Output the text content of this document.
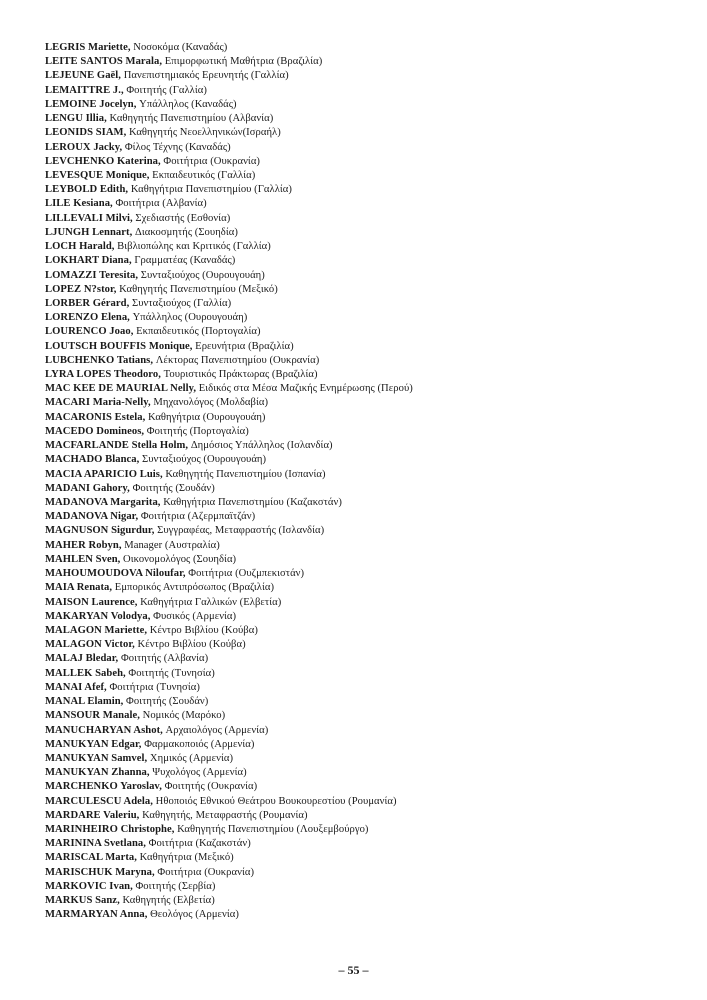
LEGRIS Mariette, Νοσοκόμα (Καναδάς)
LEITE SANTOS Marala, Επιμορφωτική Μαθήτρια (Βραζιλία)
LEJEUNE Gaël, Πανεπιστημιακός Ερευνητής (Γαλλία)
LEMAITTRE J., Φοιτητής (Γαλλία)
LEMOINE Jocelyn, Υπάλληλος (Καναδάς)
LENGU Illia, Καθηγητής Πανεπιστημίου (Αλβανία)
LEONIDS SIAM, Καθηγητής Νεοελληνικών(Ισραήλ)
LEROUX Jacky, Φίλος Τέχνης (Καναδάς)
LEVCHENKO Katerina, Φοιτήτρια (Ουκρανία)
LEVESQUE Monique, Εκπαιδευτικός (Γαλλία)
LEYBOLD Edith, Καθηγήτρια Πανεπιστημίου (Γαλλία)
LILE Kesiana, Φοιτήτρια (Αλβανία)
LILLEVALI Milvi, Σχεδιαστής (Εσθονία)
LJUNGH Lennart, Διακοσμητής (Σουηδία)
LOCH Harald, Βιβλιοπώλης και Κριτικός (Γαλλία)
LOKHART Diana, Γραμματέας (Καναδάς)
LOMAZZI Teresita, Συνταξιούχος (Ουρουγουάη)
LOPEZ N?stor, Καθηγητής Πανεπιστημίου (Μεξικό)
LORBER Gérard, Συνταξιούχος (Γαλλία)
LORENZO Elena, Υπάλληλος (Ουρουγουάη)
LOURENCO Joao, Εκπαιδευτικός (Πορτογαλία)
LOUTSCH BOUFFIS Monique, Ερευνήτρια (Βραζιλία)
LUBCHENKO Tatians, Λέκτορας Πανεπιστημίου (Ουκρανία)
LYRA LOPES Theodoro, Τουριστικός Πράκτωρας (Βραζιλία)
MAC KEE DE MAURIAL Nelly, Ειδικός στα Μέσα Μαζικής Ενημέρωσης (Περού)
MACARI Maria-Nelly, Μηχανολόγος (Μολδαβία)
MACARONIS Estela, Καθηγήτρια (Ουρουγουάη)
MACEDO Domineos, Φοιτητής (Πορτογαλία)
MACFARLANDE Stella Holm, Δημόσιος Υπάλληλος (Ισλανδία)
MACHADO Blanca, Συνταξιούχος (Ουρουγουάη)
MACIA APARICIO Luis, Καθηγητής Πανεπιστημίου (Ισπανία)
MADANI Gahory, Φοιτητής (Σουδάν)
MADANOVA Margarita, Καθηγήτρια Πανεπιστημίου (Καζακστάν)
MADANOVA Nigar, Φοιτήτρια (Αζερμπαϊτζάν)
MAGNUSON Sigurdur, Συγγραφέας, Μεταφραστής (Ισλανδία)
MAHER Robyn, Manager (Αυστραλία)
MAHLEN Sven, Οικονομολόγος (Σουηδία)
MAHOUMOUDOVA Niloufar, Φοιτήτρια (Ουζμπεκιστάν)
MAIA Renata, Εμπορικός Αντιπρόσωπος (Βραζιλία)
MAISON Laurence, Καθηγήτρια Γαλλικών (Ελβετία)
MAKARYAN Volodya, Φυσικός (Αρμενία)
MALAGON Mariette, Κέντρο Βιβλίου (Κούβα)
MALAGON Victor, Κέντρο Βιβλίου (Κούβα)
MALAJ Bledar, Φοιτητής (Αλβανία)
MALLEK Sabeh, Φοιτητής (Τυνησία)
MANAI Afef, Φοιτήτρια (Τυνησία)
MANAL Elamin, Φοιτητής (Σουδάν)
MANSOUR Manale, Νομικός (Μαρόκο)
MANUCHARYAN Ashot, Αρχαιολόγος (Αρμενία)
MANUKYAN Edgar, Φαρμακοποιός (Αρμενία)
MANUKYAN Samvel, Χημικός (Αρμενία)
MANUKYAN Zhanna, Ψυχολόγος (Αρμενία)
MARCHENKO Yaroslav, Φοιτητής (Ουκρανία)
MARCULESCU Adela, Ηθοποιός Εθνικού Θεάτρου Βουκουρεστίου (Ρουμανία)
MARDARE Valeriu, Καθηγητής, Μεταφραστής (Ρουμανία)
MARINHEIRO Christophe, Καθηγητής Πανεπιστημίου (Λουξεμβούργο)
MARININA Svetlana, Φοιτήτρια (Καζακστάν)
MARISCAL Marta, Καθηγήτρια (Μεξικό)
MARISCHUK Maryna, Φοιτήτρια (Ουκρανία)
MARKOVIC Ivan, Φοιτητής (Σερβία)
MARKUS Sanz, Καθηγητής (Ελβετία)
MARMARYAN Anna, Θεολόγος (Αρμενία)
– 55 –
